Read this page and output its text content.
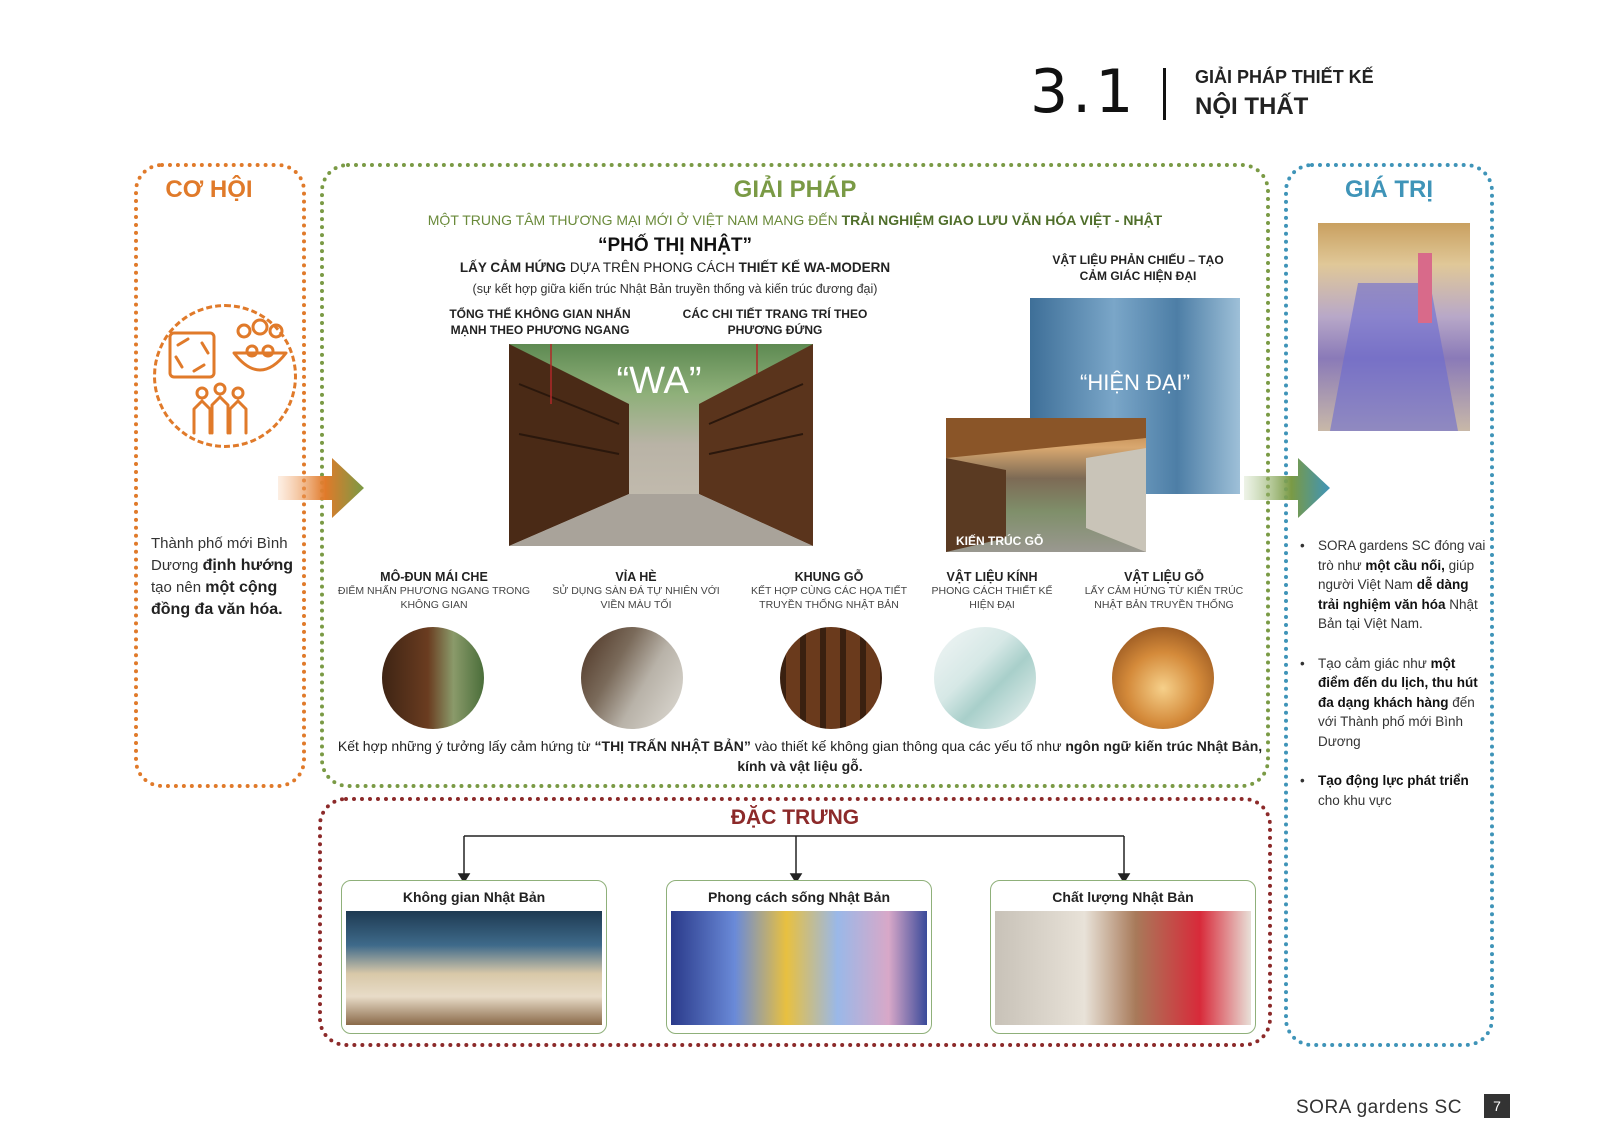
3.1	GIẢI PHÁP THIẾT KẾ
NỘI THẤT
CƠ HỘI
Thành phố mới Bình Dương định hướng tạo nên một cộng đồng đa văn hóa.
GIẢI PHÁP
MỘT TRUNG TÂM THƯƠNG MẠI MỚI Ở VIỆT NAM MANG ĐẾN TRẢI NGHIỆM GIAO LƯU VĂN HÓA VIỆT - NHẬT
“PHỐ THỊ NHẬT”
LẤY CẢM HỨNG DỰA TRÊN PHONG CÁCH THIẾT KẾ WA-MODERN
(sự kết hợp giữa kiến trúc Nhật Bản truyền thống và kiến trúc đương đại)
TỔNG THỂ KHÔNG GIAN NHẤN MẠNH THEO PHƯƠNG NGANG
CÁC CHI TIẾT TRANG TRÍ THEO PHƯƠNG ĐỨNG
“WA”
VẬT LIỆU PHẢN CHIẾU – TẠO CẢM GIÁC HIỆN ĐẠI
“HIỆN ĐẠI”
KIẾN TRÚC GỖ
MÔ-ĐUN MÁI CHE
ĐIỂM NHẤN PHƯƠNG NGANG TRONG KHÔNG GIAN
VỈA HÈ
SỬ DỤNG SÀN ĐÁ TỰ NHIÊN VỚI VIỀN MÀU TỐI
KHUNG GỖ
KẾT HỢP CÙNG CÁC HỌA TIẾT TRUYỀN THỐNG NHẬT BẢN
VẬT LIỆU KÍNH
PHONG CÁCH THIẾT KẾ HIỆN ĐẠI
VẬT LIỆU GỖ
LẤY CẢM HỨNG TỪ KIẾN TRÚC NHẬT BẢN TRUYỀN THỐNG
Kết hợp những ý tưởng lấy cảm hứng từ “THỊ TRẤN NHẬT BẢN” vào thiết kế không gian thông qua các yếu tố như ngôn ngữ kiến trúc Nhật Bản, kính và vật liệu gỗ.
GIÁ TRỊ
• SORA gardens SC đóng vai trò như một cầu nối, giúp người Việt Nam dễ dàng trải nghiệm văn hóa Nhật Bản tại Việt Nam.
• Tạo cảm giác như một điểm đến du lịch, thu hút đa dạng khách hàng đến với Thành phố mới Bình Dương
• Tạo động lực phát triển cho khu vực
ĐẶC TRƯNG
Không gian Nhật Bản	Phong cách sống Nhật Bản	Chất lượng Nhật Bản
SORA gardens SC	7
